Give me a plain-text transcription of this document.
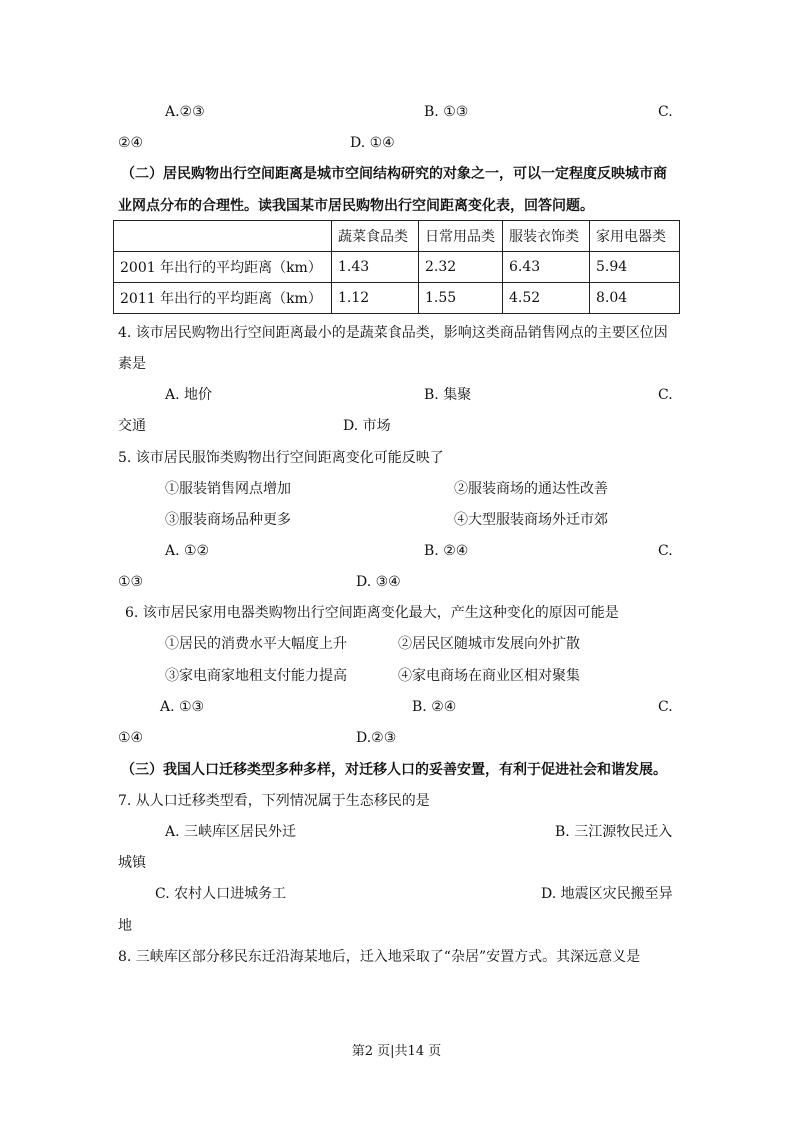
A.②③	B. ①③	C.
②④	D. ①④
（二）居民购物出行空间距离是城市空间结构研究的对象之一，可以一定程度反映城市商
业网点分布的合理性。读我国某市居民购物出行空间距离变化表，回答问题。
	蔬菜食品类	日常用品类	服装衣饰类	家用电器类
2001 年出行的平均距离（km）	1.43	2.32	6.43	5.94
2011 年出行的平均距离（km）	1.12	1.55	4.52	8.04
4. 该市居民购物出行空间距离最小的是蔬菜食品类，影响这类商品销售网点的主要区位因
素是
A. 地价	B. 集聚	C.
交通	D. 市场
5. 该市居民服饰类购物出行空间距离变化可能反映了
①服装销售网点增加	②服装商场的通达性改善
③服装商场品种更多	④大型服装商场外迁市郊
A. ①②	B. ②④	C.
①③	D. ③④
6. 该市居民家用电器类购物出行空间距离变化最大，产生这种变化的原因可能是
①居民的消费水平大幅度上升	②居民区随城市发展向外扩散
③家电商家地租支付能力提高	④家电商场在商业区相对聚集
A. ①③	B. ②④	C.
①④	D.②③
（三）我国人口迁移类型多种多样，对迁移人口的妥善安置，有利于促进社会和谐发展。
7. 从人口迁移类型看，下列情况属于生态移民的是
A. 三峡库区居民外迁	B. 三江源牧民迁入
城镇
C. 农村人口进城务工	D. 地震区灾民搬至异
地
8. 三峡库区部分移民东迁沿海某地后，迁入地采取了“杂居”安置方式。其深远意义是
第2 页|共14 页
